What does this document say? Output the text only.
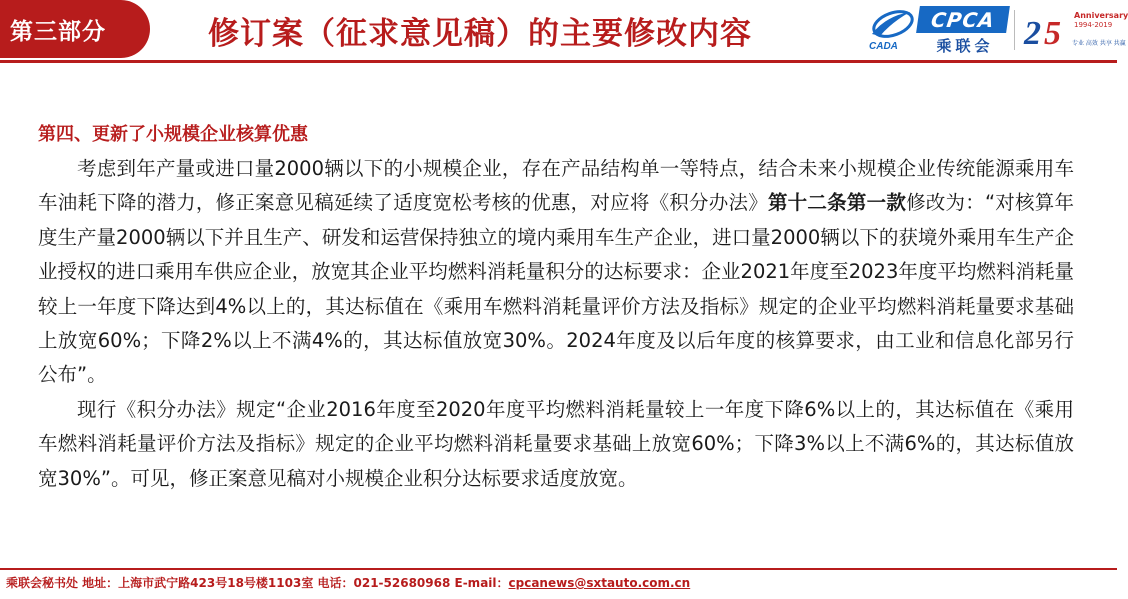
第三部分	修订案（征求意见稿）的主要修改内容	CADA
CPCA
乘联会 2 5 Anniversary
1994-2019
专业 高效 共享 共赢

第四、更新了小规模企业核算优惠

考虑到年产量或进口量2000辆以下的小规模企业，存在产品结构单一等特点，结合未来小规模企业传统能源乘用车车油耗下降的潜力，修正案意见稿延续了适度宽松考核的优惠，对应将《积分办法》第十二条第一款修改为：“对核算年度生产量2000辆以下并且生产、研发和运营保持独立的境内乘用车生产企业，进口量2000辆以下的获境外乘用车生产企业授权的进口乘用车供应企业，放宽其企业平均燃料消耗量积分的达标要求：企业2021年度至2023年度平均燃料消耗量较上一年度下降达到4%以上的，其达标值在《乘用车燃料消耗量评价方法及指标》规定的企业平均燃料消耗量要求基础上放宽60%；下降2%以上不满4%的，其达标值放宽30%。2024年度及以后年度的核算要求，由工业和信息化部另行公布”。

现行《积分办法》规定“企业2016年度至2020年度平均燃料消耗量较上一年度下降6%以上的，其达标值在《乘用车燃料消耗量评价方法及指标》规定的企业平均燃料消耗量要求基础上放宽60%；下降3%以上不满6%的，其达标值放宽30%”。可见，修正案意见稿对小规模企业积分达标要求适度放宽。

乘联会秘书处 地址：上海市武宁路423号18号楼1103室 电话：021-52680968 E-mail：cpcanews@sxtauto.com.cn
